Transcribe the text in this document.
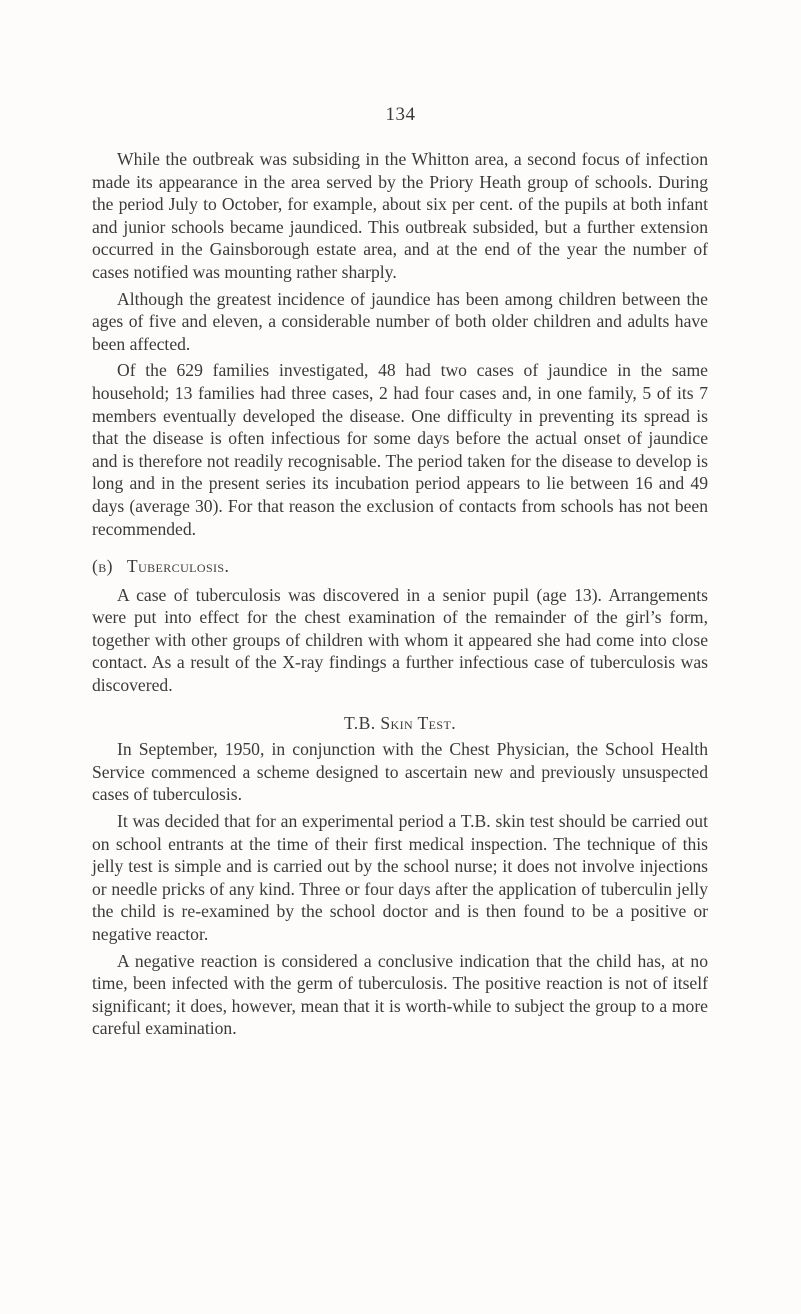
134

While the outbreak was subsiding in the Whitton area, a second focus of infection made its appearance in the area served by the Priory Heath group of schools. During the period July to October, for example, about six per cent. of the pupils at both infant and junior schools became jaundiced. This outbreak subsided, but a further extension occurred in the Gainsborough estate area, and at the end of the year the number of cases notified was mounting rather sharply.

Although the greatest incidence of jaundice has been among children between the ages of five and eleven, a considerable number of both older children and adults have been affected.

Of the 629 families investigated, 48 had two cases of jaundice in the same household; 13 families had three cases, 2 had four cases and, in one family, 5 of its 7 members eventually developed the disease. One difficulty in preventing its spread is that the disease is often infectious for some days before the actual onset of jaundice and is therefore not readily recognisable. The period taken for the disease to develop is long and in the present series its incubation period appears to lie between 16 and 49 days (average 30). For that reason the exclusion of contacts from schools has not been recommended.

(b) Tuberculosis.

A case of tuberculosis was discovered in a senior pupil (age 13). Arrangements were put into effect for the chest examination of the remainder of the girl’s form, together with other groups of children with whom it appeared she had come into close contact. As a result of the X-ray findings a further infectious case of tuberculosis was discovered.

T.B. Skin Test.

In September, 1950, in conjunction with the Chest Physician, the School Health Service commenced a scheme designed to ascertain new and previously unsuspected cases of tuberculosis.

It was decided that for an experimental period a T.B. skin test should be carried out on school entrants at the time of their first medical inspection. The technique of this jelly test is simple and is carried out by the school nurse; it does not involve injections or needle pricks of any kind. Three or four days after the application of tuberculin jelly the child is re-examined by the school doctor and is then found to be a positive or negative reactor.

A negative reaction is considered a conclusive indication that the child has, at no time, been infected with the germ of tuberculosis. The positive reaction is not of itself significant; it does, however, mean that it is worth-while to subject the group to a more careful examination.
